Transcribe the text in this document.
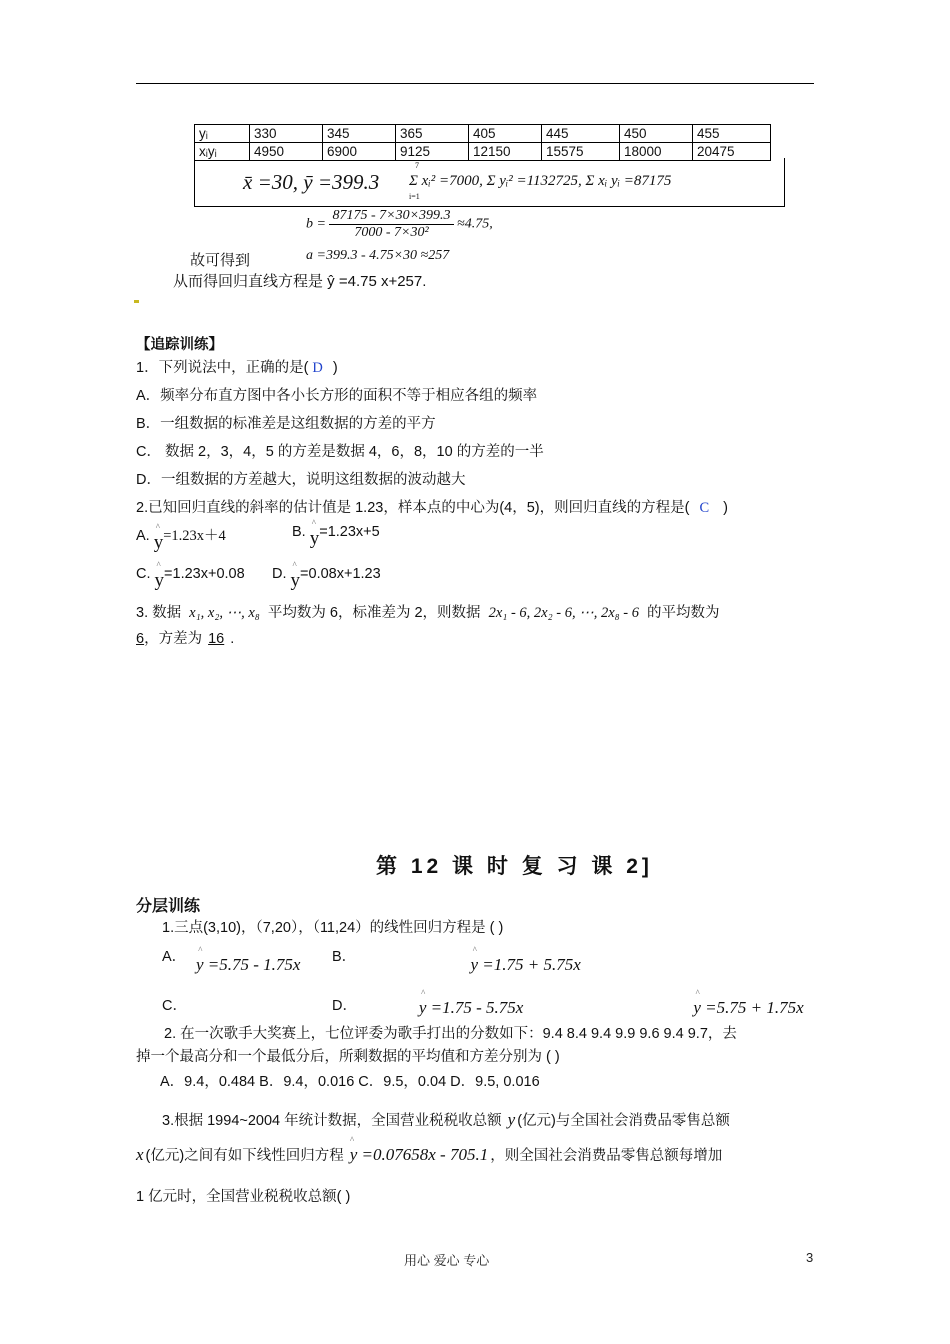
yᵢ	330	345	365	405	445	450	455
xᵢyᵢ	4950	6900	9125	12150	15575	18000	20475
x̄ =30, ȳ =399.3 Σ xᵢ² =7000, Σ yᵢ² =1132725, Σ xᵢ yᵢ =87175
7
i=1
$b = \frac{87175 - 7\times 30\times 399.3}{\text{7000 - 7×30²}} \approx 4.75$,
故可得到	a =399.3 - 4.75×30 ≈257
从而得回归直线方程是 ŷ =4.75 x+257.
【追踪训练】
1．下列说法中，正确的是( D )
A．频率分布直方图中各小长方形的面积不等于相应各组的频率
B．一组数据的标准差是这组数据的方差的平方
C． 数据 2，3，4，5 的方差是数据 4，6，8，10 的方差的一半
D．一组数据的方差越大，说明这组数据的波动越大
2.已知回归直线的斜率的估计值是 1.23，样本点的中心为(4，5)，则回归直线的方程是( C )
A. ^ y=1.23x＋4	B. ^ y=1.23x+5
C. ^ y=1.23x+0.08 D. ^ y=0.08x+1.23
3. 数据 x₁, x₂, ⋯, x₈ 平均数为 6，标准差为 2，则数据 2x₁ - 6, 2x₂ - 6, ⋯, 2x₈ - 6 的平均数为
6，方差为 16 .
第 12 课 时 复 习 课 2]
分层训练
1.三点(3,10)，（7,20），（11,24）的线性回归方程是 ( )
A． ^ y =5.75 - 1.75x B．	^ y =1.75 + 5.75x
C．	^ y =1.75 - 5.75x
D．	^ y =5.75 + 1.75x
2. 在一次歌手大奖赛上，七位评委为歌手打出的分数如下：9.4 8.4 9.4 9.9 9.6 9.4 9.7，去
掉一个最高分和一个最低分后，所剩数据的平均值和方差分别为 ( )
A．9.4，0.484 B．9.4，0.016 C．9.5，0.04 D．9.5, 0.016
3.根据 1994~2004 年统计数据，全国营业税税收总额 y (亿元)与全国社会消费品零售总额
x (亿元)之间有如下线性回归方程 ^ y =0.07658x - 705.1 ，则全国社会消费品零售总额每增加
1 亿元时，全国营业税税收总额( )
用心 爱心 专心	3
